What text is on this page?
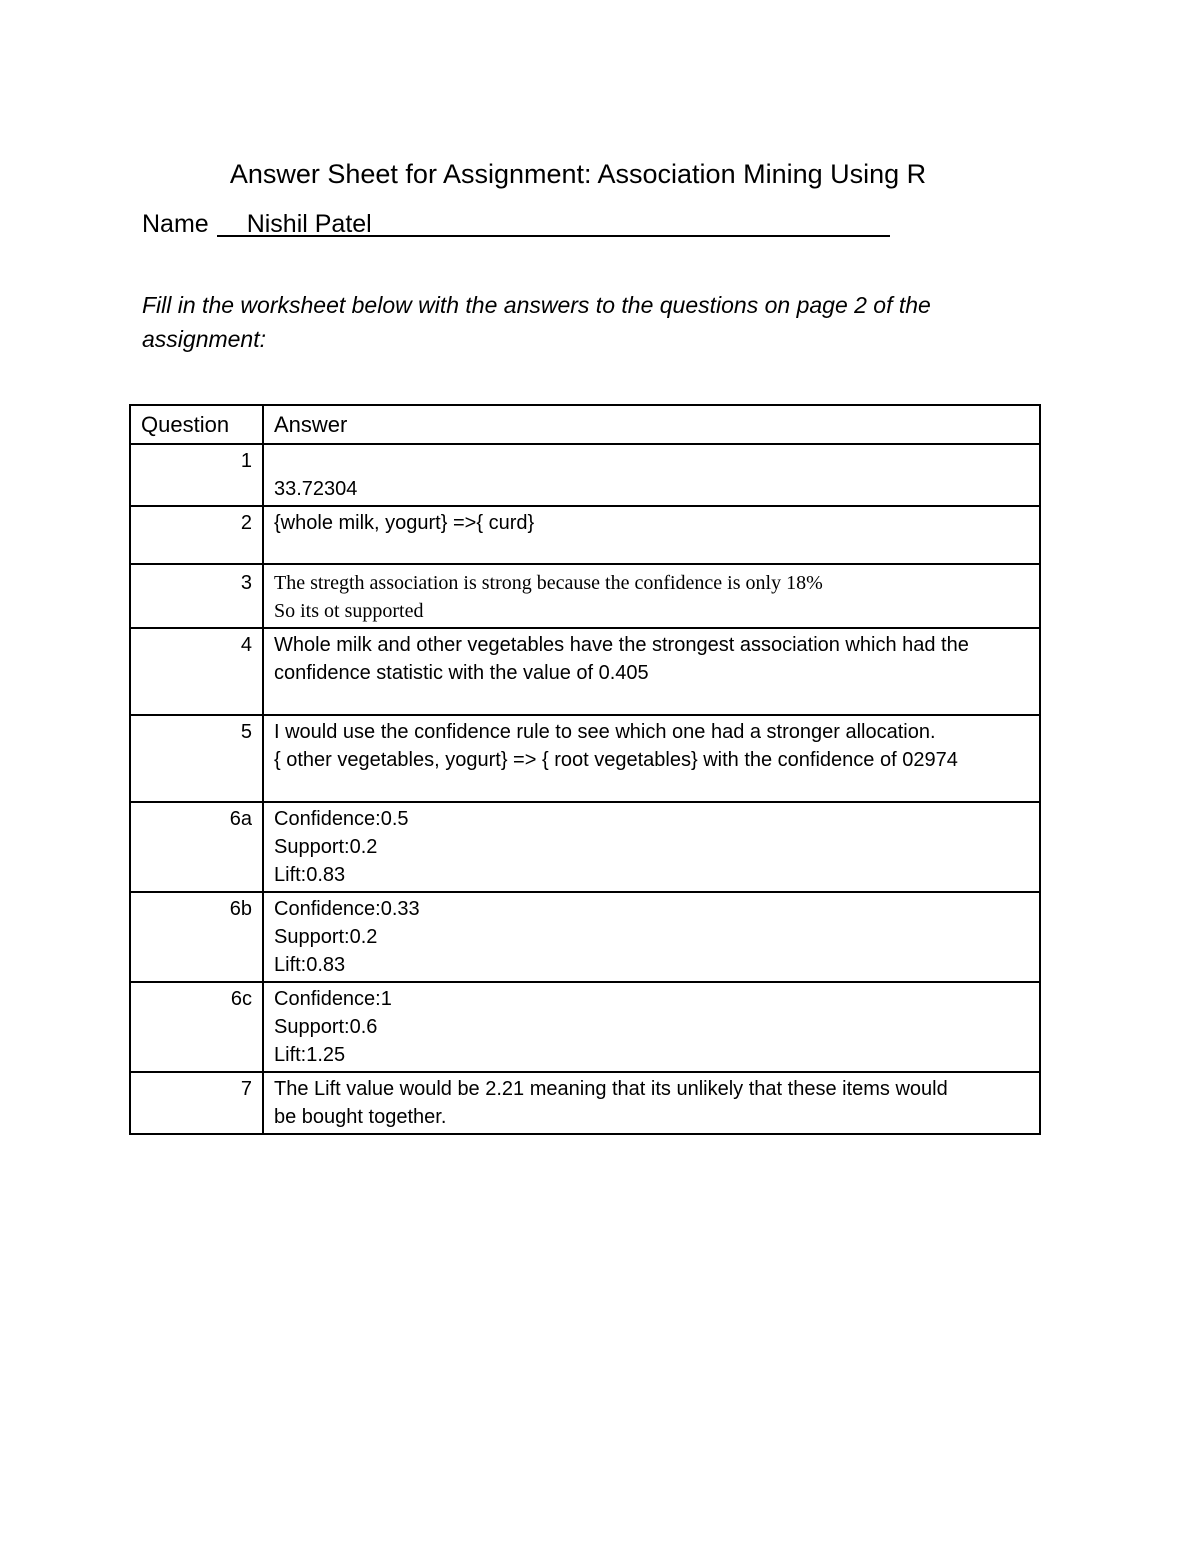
Answer Sheet for Assignment: Association Mining Using R
Name Nishil Patel
Fill in the worksheet below with the answers to the questions on page 2 of the assignment:
Question	Answer
1	33.72304

2	{whole milk, yogurt} =>{ curd}

3	The stregth association is strong because the confidence is only 18%
So its ot supported

4	Whole milk and other vegetables have the strongest association which had the
confidence statistic with the value of 0.405

5	I would use the confidence rule to see which one had a stronger allocation.
{ other vegetables, yogurt} => { root vegetables} with the confidence of 02974

6a	Confidence:0.5
Support:0.2
Lift:0.83

6b	Confidence:0.33
Support:0.2
Lift:0.83

6c	Confidence:1
Support:0.6
Lift:1.25

7	The Lift value would be 2.21 meaning that its unlikely that these items would
be bought together.
